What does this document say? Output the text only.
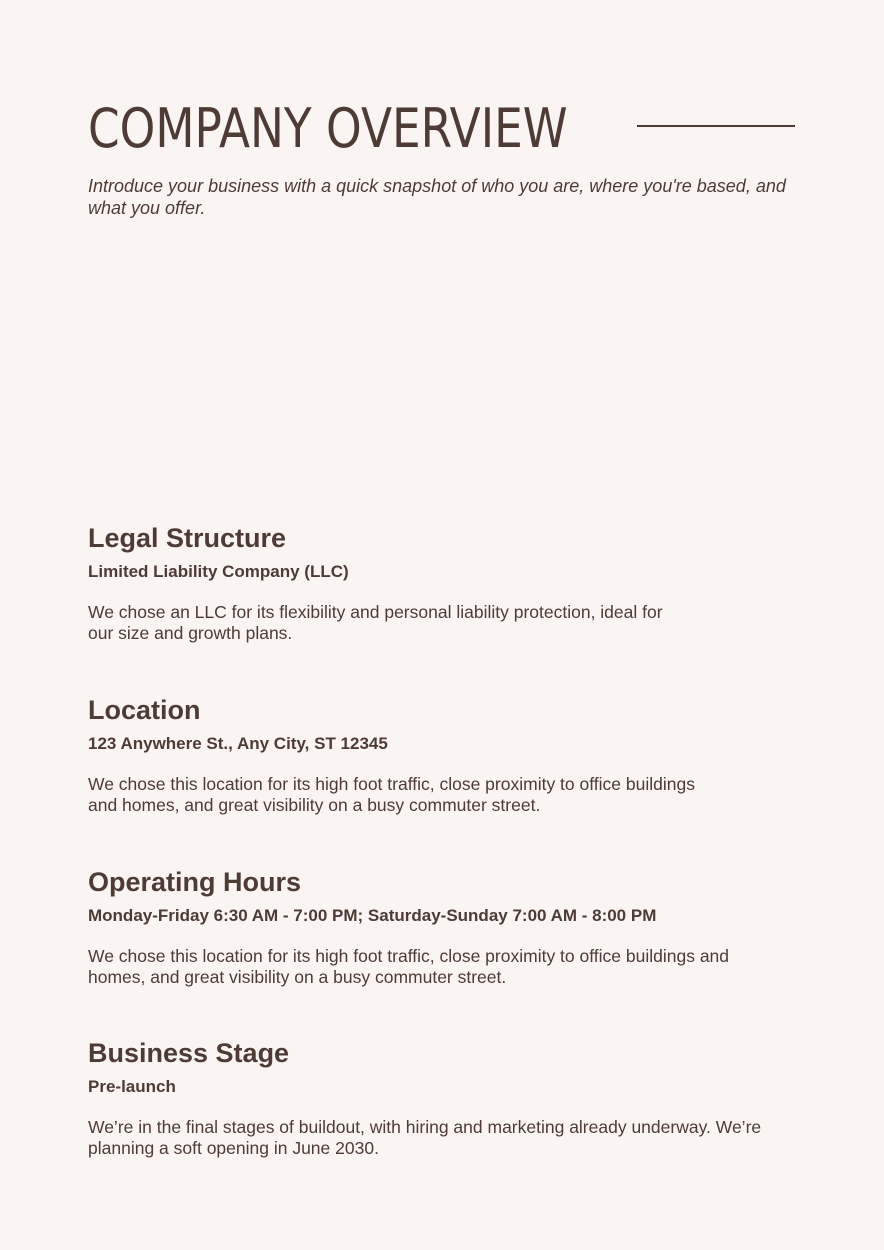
COMPANY OVERVIEW

Introduce your business with a quick snapshot of who you are, where you're based, and what you offer.

Legal Structure
Limited Liability Company (LLC)

We chose an LLC for its flexibility and personal liability protection, ideal for our size and growth plans.

Location
123 Anywhere St., Any City, ST 12345

We chose this location for its high foot traffic, close proximity to office buildings and homes, and great visibility on a busy commuter street.

Operating Hours
Monday-Friday 6:30 AM - 7:00 PM; Saturday-Sunday 7:00 AM - 8:00 PM

We chose this location for its high foot traffic, close proximity to office buildings and homes, and great visibility on a busy commuter street.

Business Stage
Pre-launch

We’re in the final stages of buildout, with hiring and marketing already underway. We’re planning a soft opening in June 2030.
